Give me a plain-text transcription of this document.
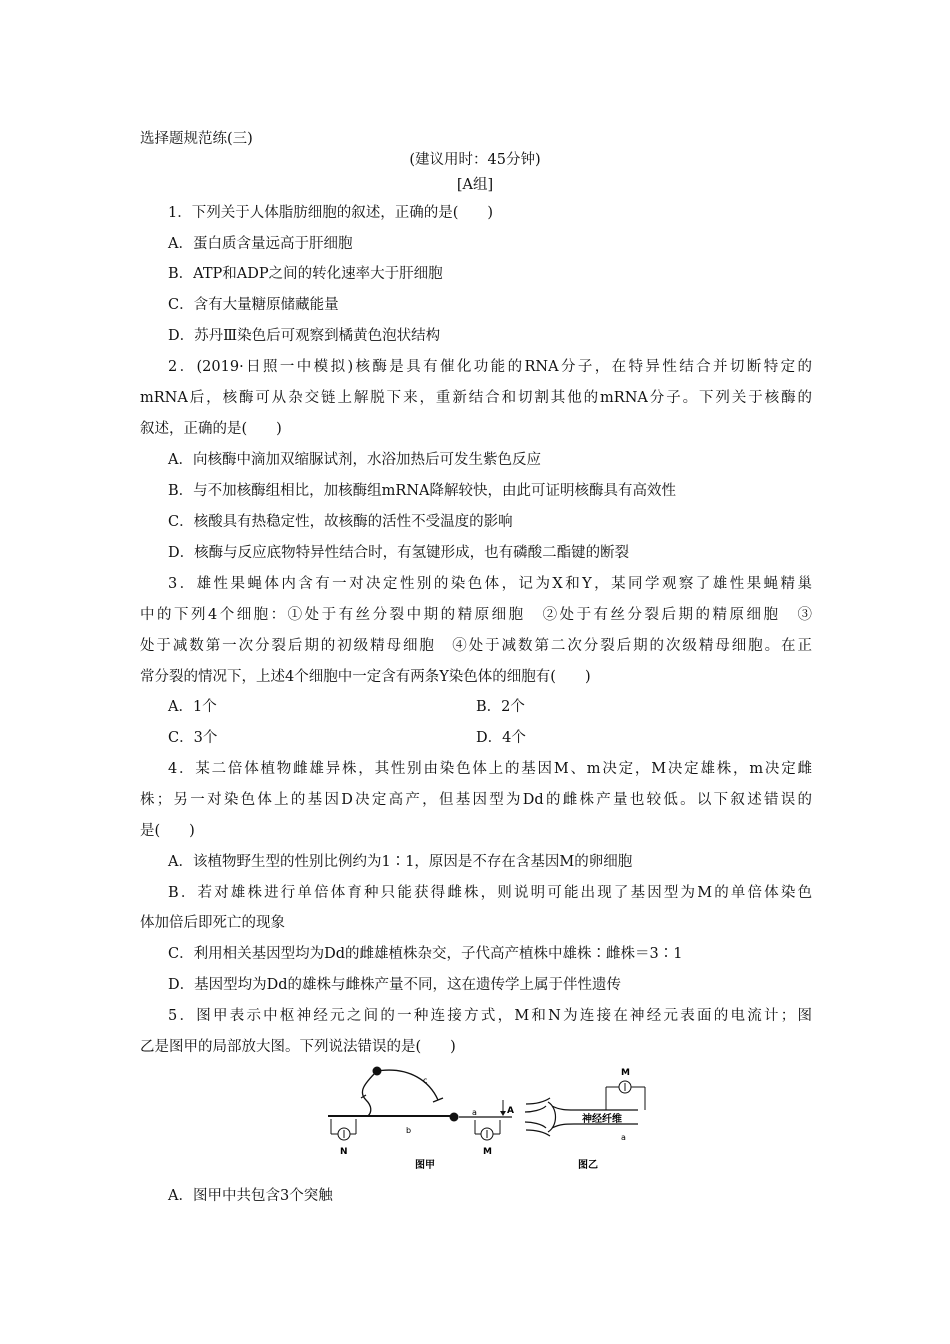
选择题规范练(三)
(建议用时：45分钟)
[A组]
1．下列关于人体脂肪细胞的叙述，正确的是(　　)
A．蛋白质含量远高于肝细胞
B．ATP和ADP之间的转化速率大于肝细胞
C．含有大量糖原储藏能量
D．苏丹Ⅲ染色后可观察到橘黄色泡状结构
2．(2019·日照一中模拟)核酶是具有催化功能的RNA分子，在特异性结合并切断特定的
mRNA后，核酶可从杂交链上解脱下来，重新结合和切割其他的mRNA分子。下列关于核酶的
叙述，正确的是(　　)
A．向核酶中滴加双缩脲试剂，水浴加热后可发生紫色反应
B．与不加核酶组相比，加核酶组mRNA降解较快，由此可证明核酶具有高效性
C．核酸具有热稳定性，故核酶的活性不受温度的影响
D．核酶与反应底物特异性结合时，有氢键形成，也有磷酸二酯键的断裂
3．雄性果蝇体内含有一对决定性别的染色体，记为X和Y，某同学观察了雄性果蝇精巢
中的下列4个细胞：①处于有丝分裂中期的精原细胞　②处于有丝分裂后期的精原细胞　③
处于减数第一次分裂后期的初级精母细胞　④处于减数第二次分裂后期的次级精母细胞。在正
常分裂的情况下，上述4个细胞中一定含有两条Y染色体的细胞有(　　)
A．1个	B．2个
C．3个	D．4个
4．某二倍体植物雌雄异株，其性别由染色体上的基因M、m决定，M决定雄株，m决定雌
株；另一对染色体上的基因D决定高产，但基因型为Dd的雌株产量也较低。以下叙述错误的
是(　　)
A．该植物野生型的性别比例约为1∶1，原因是不存在含基因M的卵细胞
B．若对雄株进行单倍体育种只能获得雌株，则说明可能出现了基因型为M的单倍体染色
体加倍后即死亡的现象
C．利用相关基因型均为Dd的雌雄植株杂交，子代高产植株中雄株∶雌株＝3∶1
D．基因型均为Dd的雄株与雌株产量不同，这在遗传学上属于伴性遗传
5．图甲表示中枢神经元之间的一种连接方式，M和N为连接在神经元表面的电流计；图
乙是图甲的局部放大图。下列说法错误的是(　　)
c
a	A
b
N	M
图甲
神经纤维
a
M
图乙
A．图甲中共包含3个突触
